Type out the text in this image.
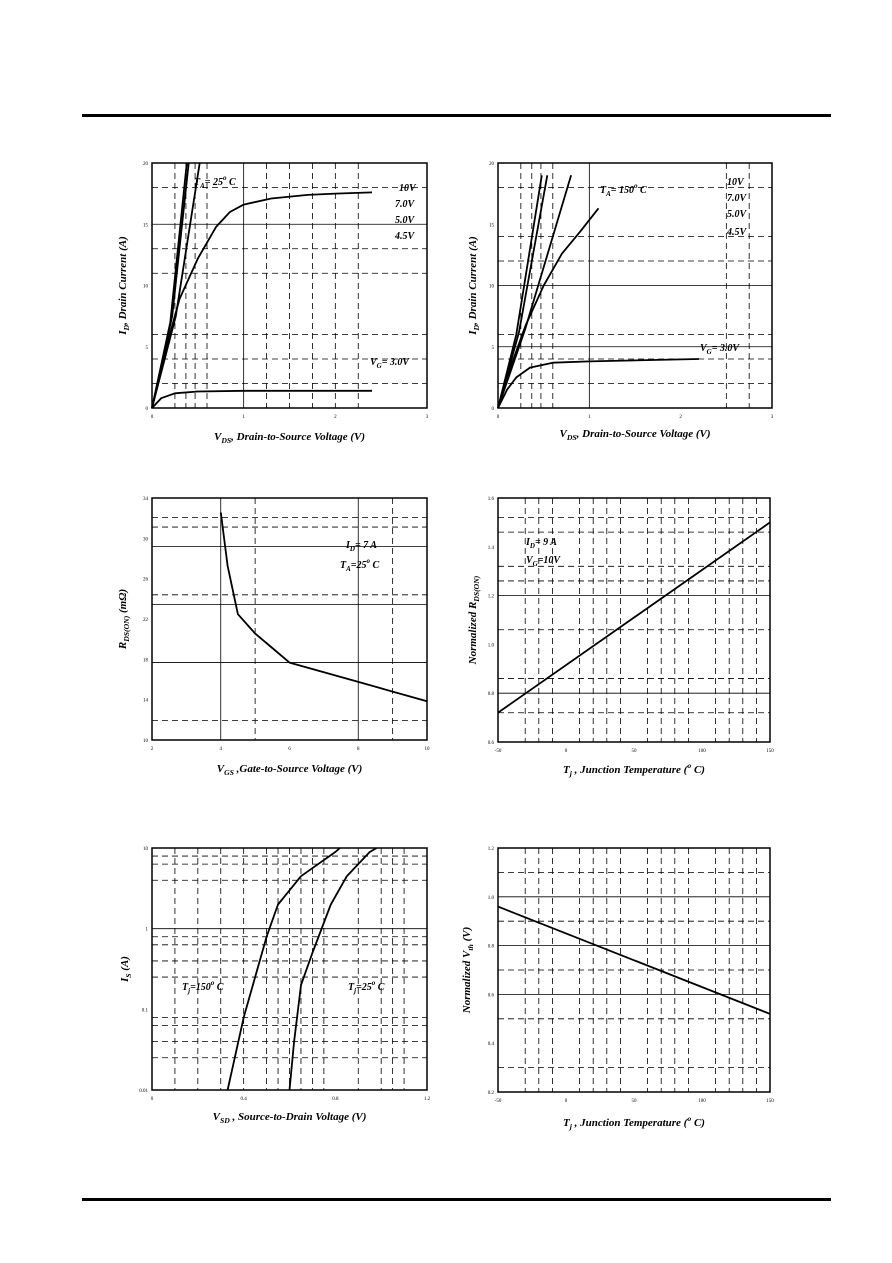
0	1	2	3
0
5
10
15
20
$T_A= 25^o$ C
10V
7.0V
5.0V
4.5V
$V_G= 3.0V$
$V_{DS}$, Drain-to-Source Voltage (V)
$I_D$, Drain Current (A)
0	1	2	3
0
5
10
15
20
$T_A= 150^o$ C
10V
7.0V
5.0V
4.5V
$V_G= 3.0V$
$V_{DS}$, Drain-to-Source Voltage (V)
$I_D$, Drain Current (A)
2	4	6	8	10
10
14
18
22
26
30
34
$I_D= 7$ A
$T_A=25^o$ C
$V_{GS}$ ,Gate-to-Source Voltage (V)
$R_{DS(ON)}$ (mΩ)
-50	0	50	100	150
0.6
0.8
1.0
1.2
1.4
1.6
$I_D= 9$ A
$V_G=10V$
$T_j$ , Junction Temperature ($^o$ C)
Normalized $R_{DS(ON)}$
0	0.4	0.8	1.2
0.01
0.1
1
10
$T_j=150^o$ C	$T_j=25^o$ C
$V_{SD}$ , Source-to-Drain Voltage (V)
$I_S$ (A)
-50	0	50	100	150
0.2
0.4
0.6
0.8
1.0
1.2
$T_j$ , Junction Temperature ($^o$ C)
Normalized $V_{th}$ (V)
